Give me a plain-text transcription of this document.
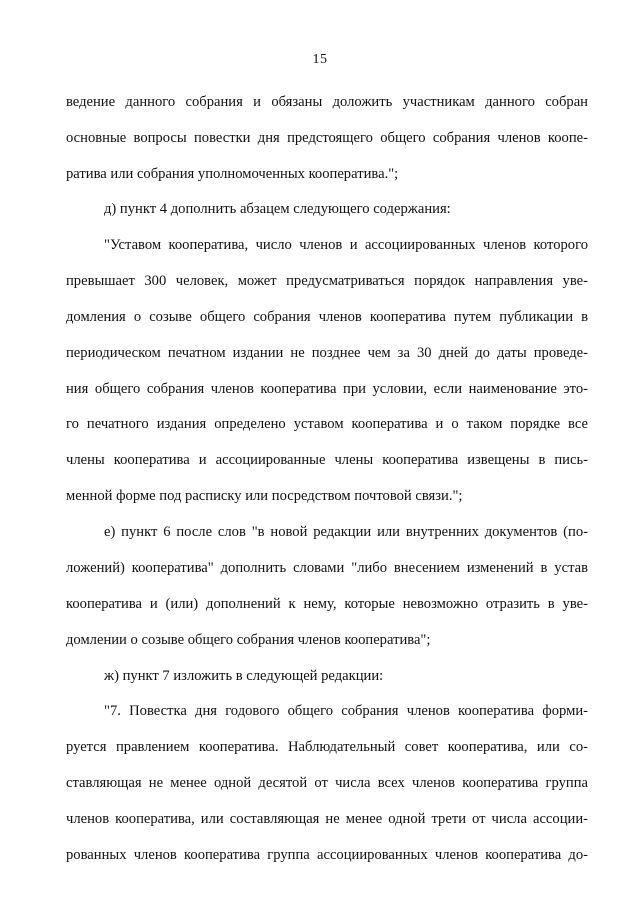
15
ведение данного собрания и обязаны доложить участникам данного собран
основные вопросы повестки дня предстоящего общего собрания членов коопе-
ратива или собрания уполномоченных кооператива.";
д) пункт 4 дополнить абзацем следующего содержания:
"Уставом кооператива, число членов и ассоциированных членов которого
превышает 300 человек, может предусматриваться порядок направления уве-
домления о созыве общего собрания членов кооператива путем публикации в
периодическом печатном издании не позднее чем за 30 дней до даты проведе-
ния общего собрания членов кооператива при условии, если наименование это-
го печатного издания определено уставом кооператива и о таком порядке все
члены кооператива и ассоциированные члены кооператива извещены в пись-
менной форме под расписку или посредством почтовой связи.";
е) пункт 6 после слов "в новой редакции или внутренних документов (по-
ложений) кооператива" дополнить словами "либо внесением изменений в устав
кооператива и (или) дополнений к нему, которые невозможно отразить в уве-
домлении о созыве общего собрания членов кооператива";
ж) пункт 7 изложить в следующей редакции:
"7. Повестка дня годового общего собрания членов кооператива форми-
руется правлением кооператива. Наблюдательный совет кооператива, или со-
ставляющая не менее одной десятой от числа всех членов кооператива группа
членов кооператива, или составляющая не менее одной трети от числа ассоции-
рованных членов кооператива группа ассоциированных членов кооператива до-
